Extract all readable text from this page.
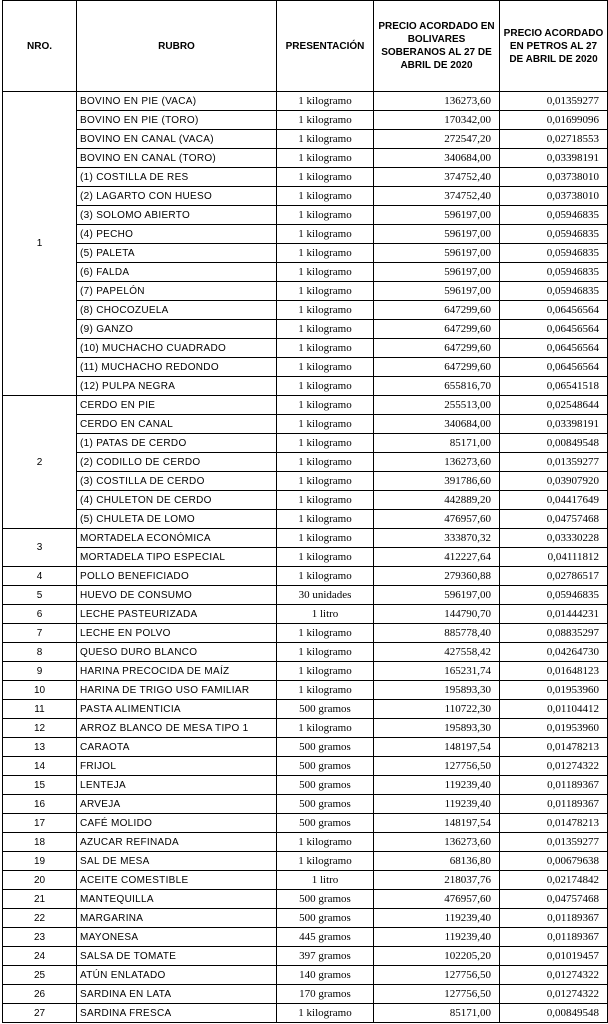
NRO.	RUBRO	PRESENTACIÓN	PRECIO ACORDADO EN BOLIVARES SOBERANOS AL 27 DE ABRIL DE 2020	PRECIO ACORDADO EN PETROS AL 27 DE ABRIL DE 2020
1	BOVINO EN PIE (VACA)	1 kilogramo	136273,60	0,01359277
	BOVINO EN PIE (TORO)	1 kilogramo	170342,00	0,01699096
	BOVINO EN CANAL (VACA)	1 kilogramo	272547,20	0,02718553
	BOVINO EN CANAL (TORO)	1 kilogramo	340684,00	0,03398191
	(1) COSTILLA DE RES	1 kilogramo	374752,40	0,03738010
	(2) LAGARTO CON HUESO	1 kilogramo	374752,40	0,03738010
	(3) SOLOMO ABIERTO	1 kilogramo	596197,00	0,05946835
	(4) PECHO	1 kilogramo	596197,00	0,05946835
	(5) PALETA	1 kilogramo	596197,00	0,05946835
	(6) FALDA	1 kilogramo	596197,00	0,05946835
	(7) PAPELÓN	1 kilogramo	596197,00	0,05946835
	(8) CHOCOZUELA	1 kilogramo	647299,60	0,06456564
	(9) GANZO	1 kilogramo	647299,60	0,06456564
	(10) MUCHACHO CUADRADO	1 kilogramo	647299,60	0,06456564
	(11) MUCHACHO REDONDO	1 kilogramo	647299,60	0,06456564
	(12) PULPA NEGRA	1 kilogramo	655816,70	0,06541518
2	CERDO EN PIE	1 kilogramo	255513,00	0,02548644
	CERDO EN CANAL	1 kilogramo	340684,00	0,03398191
	(1) PATAS DE CERDO	1 kilogramo	85171,00	0,00849548
	(2) CODILLO DE CERDO	1 kilogramo	136273,60	0,01359277
	(3) COSTILLA DE CERDO	1 kilogramo	391786,60	0,03907920
	(4) CHULETON DE CERDO	1 kilogramo	442889,20	0,04417649
	(5) CHULETA DE LOMO	1 kilogramo	476957,60	0,04757468
3	MORTADELA ECONÓMICA	1 kilogramo	333870,32	0,03330228
	MORTADELA TIPO ESPECIAL	1 kilogramo	412227,64	0,04111812
4	POLLO BENEFICIADO	1 kilogramo	279360,88	0,02786517
5	HUEVO DE CONSUMO	30 unidades	596197,00	0,05946835
6	LECHE PASTEURIZADA	1 litro	144790,70	0,01444231
7	LECHE EN POLVO	1 kilogramo	885778,40	0,08835297
8	QUESO DURO BLANCO	1 kilogramo	427558,42	0,04264730
9	HARINA PRECOCIDA DE MAÍZ	1 kilogramo	165231,74	0,01648123
10	HARINA DE TRIGO USO FAMILIAR	1 kilogramo	195893,30	0,01953960
11	PASTA ALIMENTICIA	500 gramos	110722,30	0,01104412
12	ARROZ BLANCO DE MESA TIPO 1	1 kilogramo	195893,30	0,01953960
13	CARAOTA	500 gramos	148197,54	0,01478213
14	FRIJOL	500 gramos	127756,50	0,01274322
15	LENTEJA	500 gramos	119239,40	0,01189367
16	ARVEJA	500 gramos	119239,40	0,01189367
17	CAFÉ MOLIDO	500 gramos	148197,54	0,01478213
18	AZUCAR REFINADA	1 kilogramo	136273,60	0,01359277
19	SAL DE MESA	1 kilogramo	68136,80	0,00679638
20	ACEITE COMESTIBLE	1 litro	218037,76	0,02174842
21	MANTEQUILLA	500 gramos	476957,60	0,04757468
22	MARGARINA	500 gramos	119239,40	0,01189367
23	MAYONESA	445 gramos	119239,40	0,01189367
24	SALSA DE TOMATE	397 gramos	102205,20	0,01019457
25	ATÚN ENLATADO	140 gramos	127756,50	0,01274322
26	SARDINA EN LATA	170 gramos	127756,50	0,01274322
27	SARDINA FRESCA	1 kilogramo	85171,00	0,00849548
